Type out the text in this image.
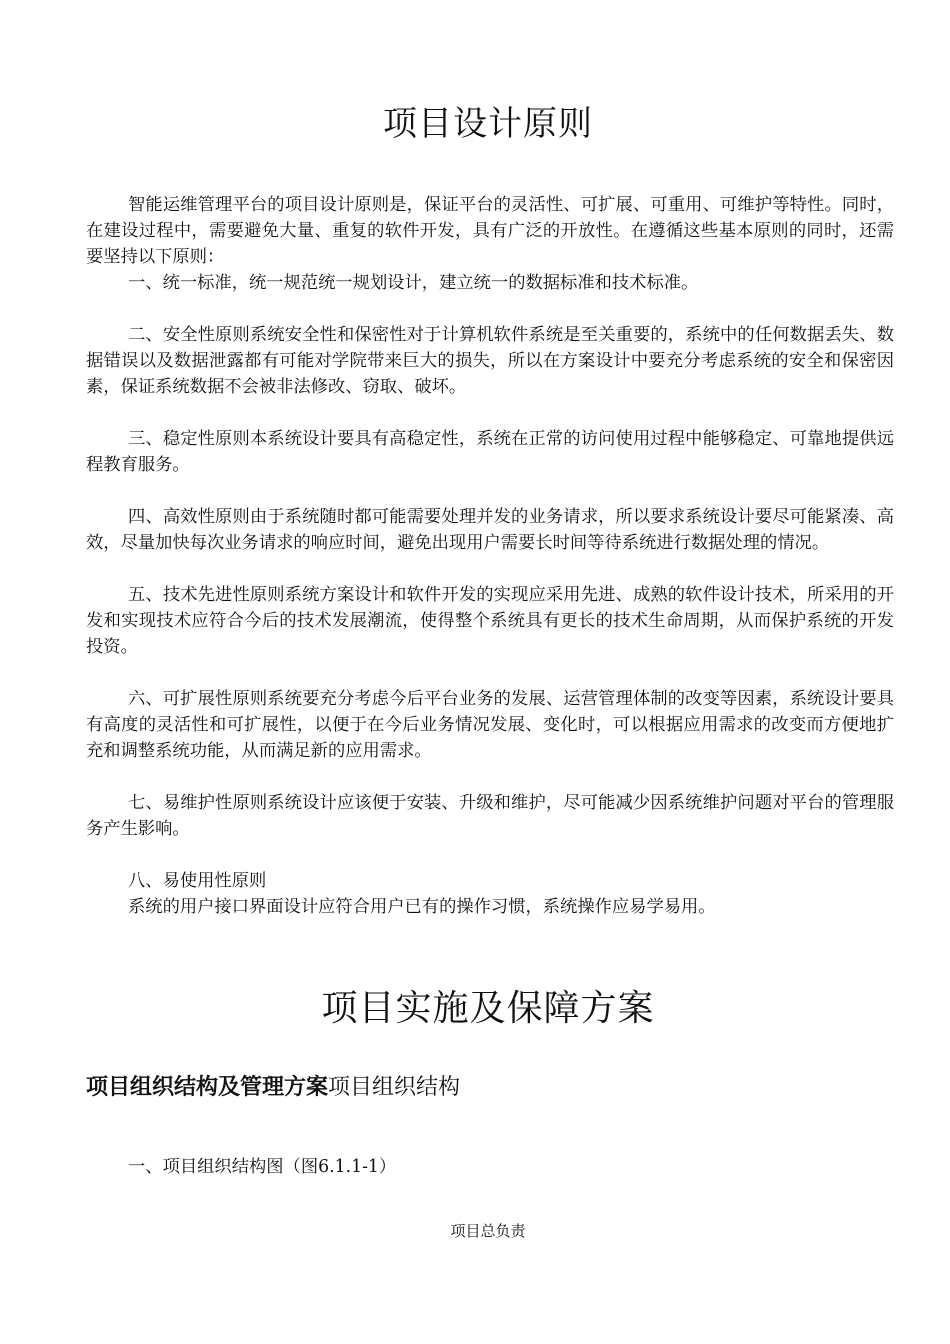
项目设计原则

智能运维管理平台的项目设计原则是，保证平台的灵活性、可扩展、可重用、可维护等特性。同时，在建设过程中，需要避免大量、重复的软件开发，具有广泛的开放性。在遵循这些基本原则的同时，还需要坚持以下原则：

一、统一标准，统一规范统一规划设计，建立统一的数据标准和技术标准。

二、安全性原则系统安全性和保密性对于计算机软件系统是至关重要的，系统中的任何数据丢失、数据错误以及数据泄露都有可能对学院带来巨大的损失，所以在方案设计中要充分考虑系统的安全和保密因素，保证系统数据不会被非法修改、窃取、破坏。

三、稳定性原则本系统设计要具有高稳定性，系统在正常的访问使用过程中能够稳定、可靠地提供远程教育服务。

四、高效性原则由于系统随时都可能需要处理并发的业务请求，所以要求系统设计要尽可能紧凑、高效，尽量加快每次业务请求的响应时间，避免出现用户需要长时间等待系统进行数据处理的情况。

五、技术先进性原则系统方案设计和软件开发的实现应采用先进、成熟的软件设计技术，所采用的开发和实现技术应符合今后的技术发展潮流，使得整个系统具有更长的技术生命周期，从而保护系统的开发投资。

六、可扩展性原则系统要充分考虑今后平台业务的发展、运营管理体制的改变等因素，系统设计要具有高度的灵活性和可扩展性，以便于在今后业务情况发展、变化时，可以根据应用需求的改变而方便地扩充和调整系统功能，从而满足新的应用需求。

七、易维护性原则系统设计应该便于安装、升级和维护，尽可能减少因系统维护问题对平台的管理服务产生影响。

八、易使用性原则

系统的用户接口界面设计应符合用户已有的操作习惯，系统操作应易学易用。

项目实施及保障方案
项目组织结构及管理方案项目组织结构
一、项目组织结构图（图6.1.1-1）
项目总负责
